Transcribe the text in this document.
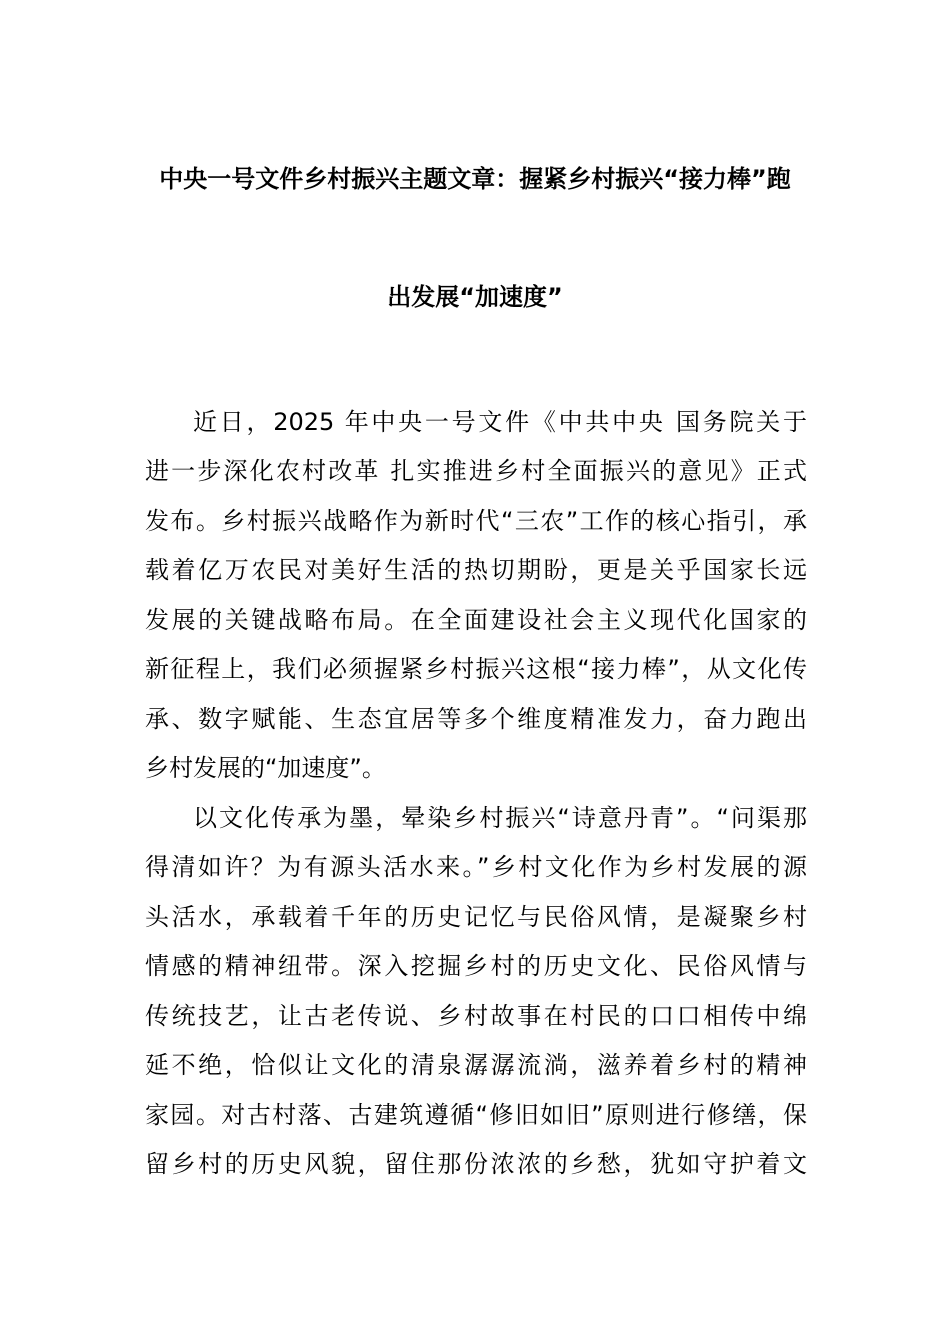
中央一号文件乡村振兴主题文章：握紧乡村振兴“接力棒”跑
出发展“加速度”
近日，2025 年中央一号文件《中共中央 国务院关于
进一步深化农村改革 扎实推进乡村全面振兴的意见》正式
发布。乡村振兴战略作为新时代“三农”工作的核心指引，承
载着亿万农民对美好生活的热切期盼，更是关乎国家长远
发展的关键战略布局。在全面建设社会主义现代化国家的
新征程上，我们必须握紧乡村振兴这根“接力棒”，从文化传
承、数字赋能、生态宜居等多个维度精准发力，奋力跑出
乡村发展的“加速度”。
以文化传承为墨，晕染乡村振兴“诗意丹青”。“问渠那
得清如许？为有源头活水来。”乡村文化作为乡村发展的源
头活水，承载着千年的历史记忆与民俗风情，是凝聚乡村
情感的精神纽带。深入挖掘乡村的历史文化、民俗风情与
传统技艺，让古老传说、乡村故事在村民的口口相传中绵
延不绝，恰似让文化的清泉潺潺流淌，滋养着乡村的精神
家园。对古村落、古建筑遵循“修旧如旧”原则进行修缮，保
留乡村的历史风貌，留住那份浓浓的乡愁，犹如守护着文
